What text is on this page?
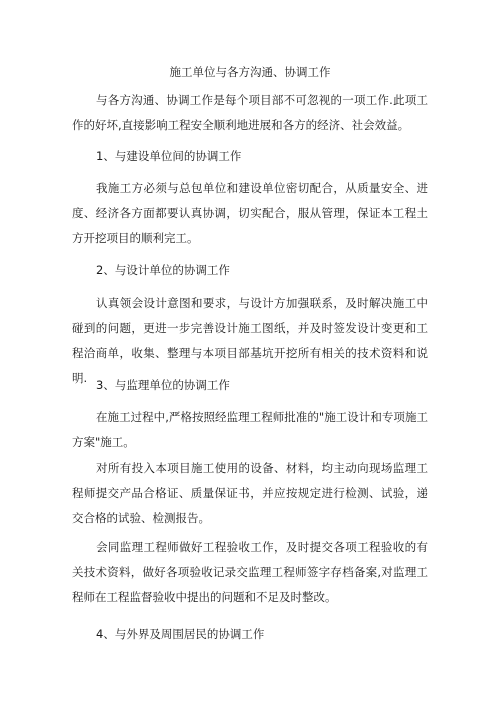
施工单位与各方沟通、协调工作
与各方沟通、协调工作是每个项目部不可忽视的一项工作.此项工作的好坏,直接影响工程安全顺利地进展和各方的经济、社会效益。
1、与建设单位间的协调工作
我施工方必须与总包单位和建设单位密切配合，从质量安全、进度、经济各方面都要认真协调，切实配合，服从管理，保证本工程土方开挖项目的顺利完工。
2、与设计单位的协调工作
认真领会设计意图和要求，与设计方加强联系，及时解决施工中碰到的问题，更进一步完善设计施工图纸，并及时签发设计变更和工程洽商单，收集、整理与本项目部基坑开挖所有相关的技术资料和说明. 3、与监理单位的协调工作
在施工过程中,严格按照经监理工程师批准的"施工设计和专项施工方案"施工。
对所有投入本项目施工使用的设备、材料，均主动向现场监理工程师提交产品合格证、质量保证书，并应按规定进行检测、试验，递交合格的试验、检测报告。
会同监理工程师做好工程验收工作，及时提交各项工程验收的有关技术资料，做好各项验收记录交监理工程师签字存档备案,对监理工程师在工程监督验收中提出的问题和不足及时整改。
4、与外界及周围居民的协调工作
